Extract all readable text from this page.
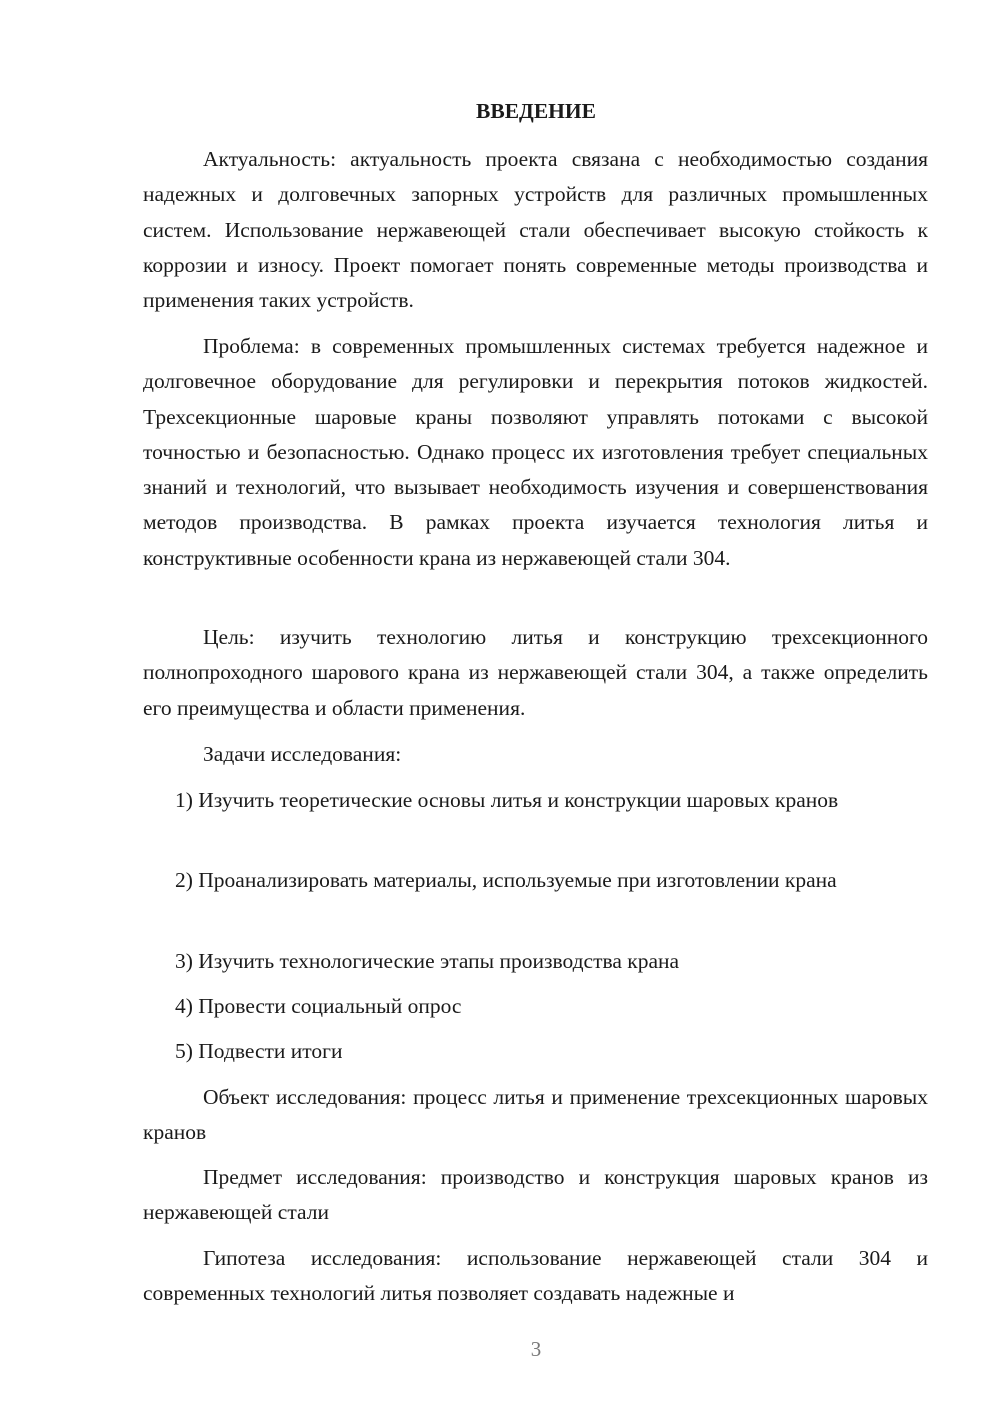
ВВЕДЕНИЕ

Актуальность: актуальность проекта связана с необходимостью создания надежных и долговечных запорных устройств для различных промышленных систем. Использование нержавеющей стали обеспечивает высокую стойкость к коррозии и износу. Проект помогает понять современные методы производства и применения таких устройств.

Проблема: в современных промышленных системах требуется надежное и долговечное оборудование для регулировки и перекрытия потоков жидкостей. Трехсекционные шаровые краны позволяют управлять потоками с высокой точностью и безопасностью. Однако процесс их изготовления требует специальных знаний и технологий, что вызывает необходимость изучения и совершенствования методов производства. В рамках проекта изучается технология литья и конструктивные особенности крана из нержавеющей стали 304.

Цель: изучить технологию литья и конструкцию трехсекционного полнопроходного шарового крана из нержавеющей стали 304, а также определить его преимущества и области применения.

Задачи исследования:

1) Изучить теоретические основы литья и конструкции шаровых кранов

2) Проанализировать материалы, используемые при изготовлении крана

3) Изучить технологические этапы производства крана

4) Провести социальный опрос

5) Подвести итоги

Объект исследования: процесс литья и применение трехсекционных шаровых кранов

Предмет исследования: производство и конструкция шаровых кранов из нержавеющей стали

Гипотеза исследования: использование нержавеющей стали 304 и современных технологий литья позволяет создавать надежные и

3
